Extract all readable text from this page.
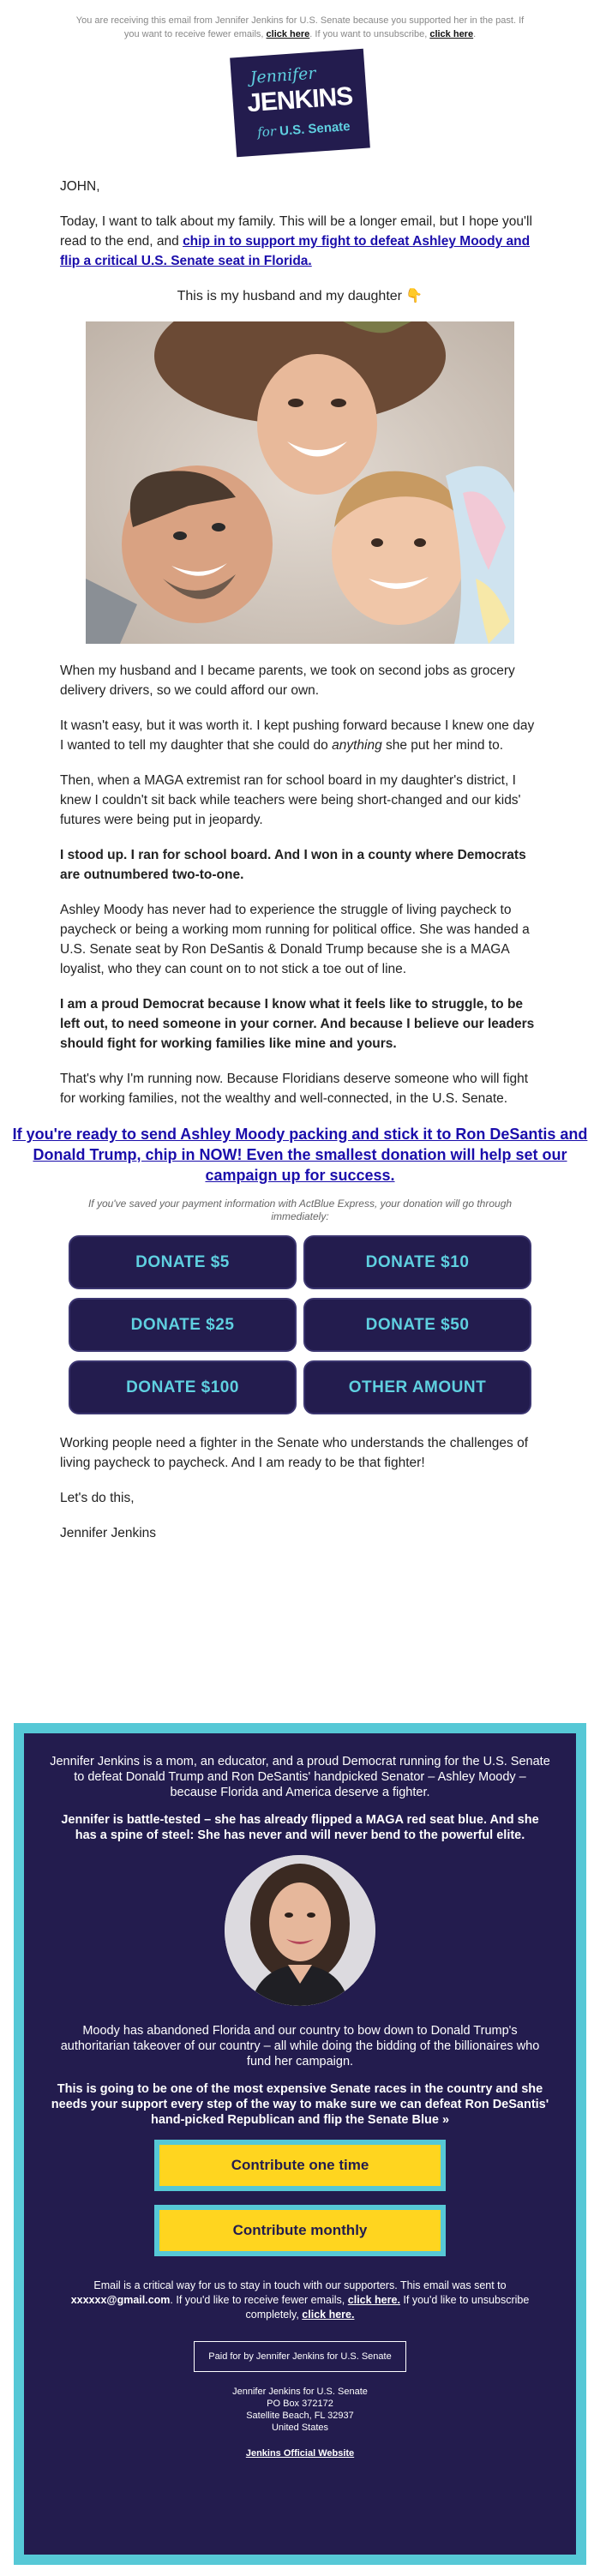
You are receiving this email from Jennifer Jenkins for U.S. Senate because you supported her in the past. If you want to receive fewer emails, click here. If you want to unsubscribe, click here.
Jennifer
JENKINS
for U.S. Senate

JOHN,

Today, I want to talk about my family. This will be a longer email, but I hope you'll read to the end, and chip in to support my fight to defeat Ashley Moody and flip a critical U.S. Senate seat in Florida.

This is my husband and my daughter 👇

When my husband and I became parents, we took on second jobs as grocery delivery drivers, so we could afford our own.

It wasn't easy, but it was worth it. I kept pushing forward because I knew one day I wanted to tell my daughter that she could do anything she put her mind to.

Then, when a MAGA extremist ran for school board in my daughter's district, I knew I couldn't sit back while teachers were being short-changed and our kids' futures were being put in jeopardy.

I stood up. I ran for school board. And I won in a county where Democrats are outnumbered two-to-one.

Ashley Moody has never had to experience the struggle of living paycheck to paycheck or being a working mom running for political office. She was handed a U.S. Senate seat by Ron DeSantis & Donald Trump because she is a MAGA loyalist, who they can count on to not stick a toe out of line.

I am a proud Democrat because I know what it feels like to struggle, to be left out, to need someone in your corner. And because I believe our leaders should fight for working families like mine and yours.

That's why I'm running now. Because Floridians deserve someone who will fight for working families, not the wealthy and well-connected, in the U.S. Senate.

If you're ready to send Ashley Moody packing and stick it to Ron DeSantis and Donald Trump, chip in NOW! Even the smallest donation will help set our campaign up for success.

If you've saved your payment information with ActBlue Express, your donation will go through immediately:

DONATE $5	DONATE $10
DONATE $25	DONATE $50
DONATE $100	OTHER AMOUNT

Working people need a fighter in the Senate who understands the challenges of living paycheck to paycheck. And I am ready to be that fighter!

Let's do this,

Jennifer Jenkins

Jennifer Jenkins is a mom, an educator, and a proud Democrat running for the U.S. Senate to defeat Donald Trump and Ron DeSantis' handpicked Senator – Ashley Moody – because Florida and America deserve a fighter.

Jennifer is battle-tested – she has already flipped a MAGA red seat blue. And she has a spine of steel: She has never and will never bend to the powerful elite.

Moody has abandoned Florida and our country to bow down to Donald Trump's authoritarian takeover of our country – all while doing the bidding of the billionaires who fund her campaign.

This is going to be one of the most expensive Senate races in the country and she needs your support every step of the way to make sure we can defeat Ron DeSantis' hand-picked Republican and flip the Senate Blue »

Contribute one time
Contribute monthly

Email is a critical way for us to stay in touch with our supporters. This email was sent to xxxxxx@gmail.com. If you'd like to receive fewer emails, click here. If you'd like to unsubscribe completely, click here.

Paid for by Jennifer Jenkins for U.S. Senate
Jennifer Jenkins for U.S. Senate
PO Box 372172
Satellite Beach, FL 32937
United States

Jenkins Official Website
